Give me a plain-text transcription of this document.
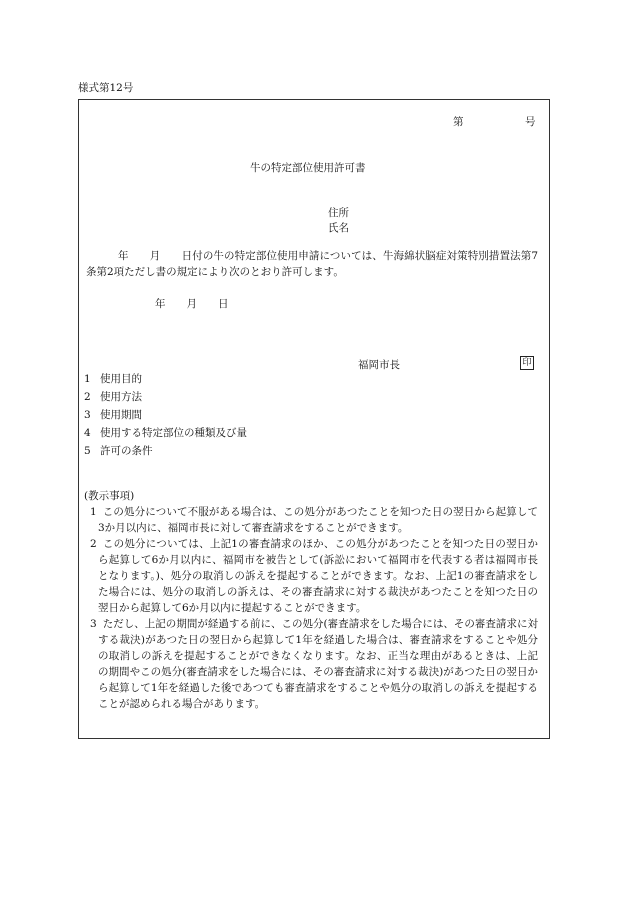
様式第12号
第	号
牛の特定部位使用許可書
住所
氏名
年　　月　　日付の牛の特定部位使用申請については、牛海綿状脳症対策特別措置法第7条第2項ただし書の規定により次のとおり許可します。
年　　月　　日
福岡市長	印
1 使用目的
2 使用方法
3 使用期間
4 使用する特定部位の種類及び量
5 許可の条件
(教示事項)
1 この処分について不服がある場合は、この処分があつたことを知つた日の翌日から起算して3か月以内に、福岡市長に対して審査請求をすることができます。
2 この処分については、上記1の審査請求のほか、この処分があつたことを知つた日の翌日から起算して6か月以内に、福岡市を被告として(訴訟において福岡市を代表する者は福岡市長となります。)、処分の取消しの訴えを提起することができます。なお、上記1の審査請求をした場合には、処分の取消しの訴えは、その審査請求に対する裁決があつたことを知つた日の翌日から起算して6か月以内に提起することができます。
3 ただし、上記の期間が経過する前に、この処分(審査請求をした場合には、その審査請求に対する裁決)があつた日の翌日から起算して1年を経過した場合は、審査請求をすることや処分の取消しの訴えを提起することができなくなります。なお、正当な理由があるときは、上記の期間やこの処分(審査請求をした場合には、その審査請求に対する裁決)があつた日の翌日から起算して1年を経過した後であつても審査請求をすることや処分の取消しの訴えを提起することが認められる場合があります。
